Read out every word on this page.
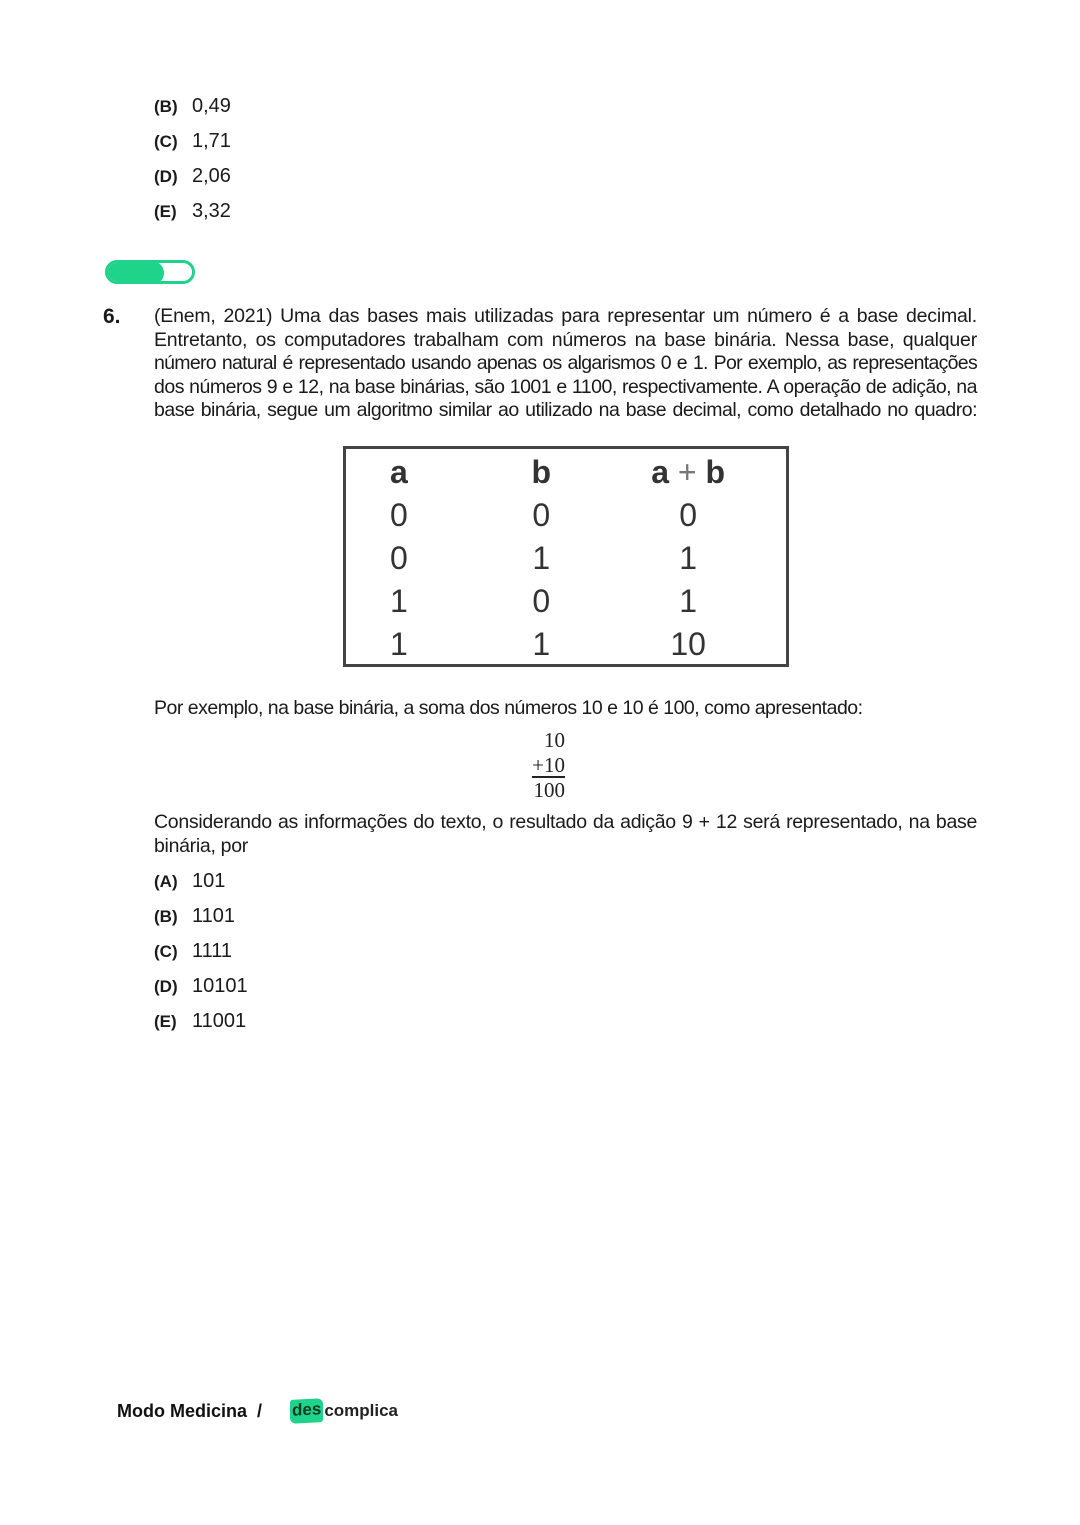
(B) 0,49
(C) 1,71
(D) 2,06
(E) 3,32
6. (Enem, 2021) Uma das bases mais utilizadas para representar um número é a base decimal.
Entretanto, os computadores trabalham com números na base binária. Nessa base, qualquer
número natural é representado usando apenas os algarismos 0 e 1. Por exemplo, as representações
dos números 9 e 12, na base binárias, são 1001 e 1100, respectivamente. A operação de adição, na
base binária, segue um algoritmo similar ao utilizado na base decimal, como detalhado no quadro:
a	b	a + b
0	0	0
0	1	1
1	0	1
1	1	10
Por exemplo, na base binária, a soma dos números 10 e 10 é 100, como apresentado:
10
+10
100
Considerando as informações do texto, o resultado da adição 9 + 12 será representado, na base
binária, por
(A) 101
(B) 1101
(C) 1111
(D) 10101
(E) 11001
Modo Medicina / des complica
